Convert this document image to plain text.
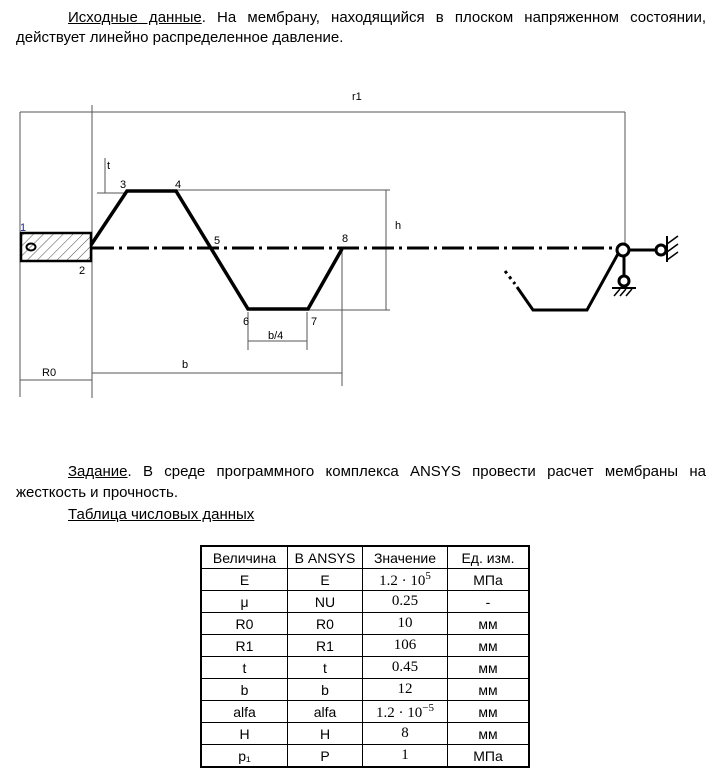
Исходные данные. На мембрану, находящийся в плоском напряженном состоянии,
действует линейно распределенное давление.
r1
t
1
2
3	4
5
6	7
8
h
b/4
b
R0
Задание. В среде программного комплекса ANSYS провести расчет мембраны на
жесткость и прочность.
Таблица числовых данных
Величина	В ANSYS	Значение	Ед. изм.
E	E	$1.2 \cdot 10^5$	МПа
μ	NU	0.25	-
R0	R0	10	мм
R1	R1	106	мм
t	t	0.45	мм
b	b	12	мм
alfa	alfa	$1.2 \cdot 10^{-5}$	мм
H	H	8	мм
p₁	P	1	МПа
